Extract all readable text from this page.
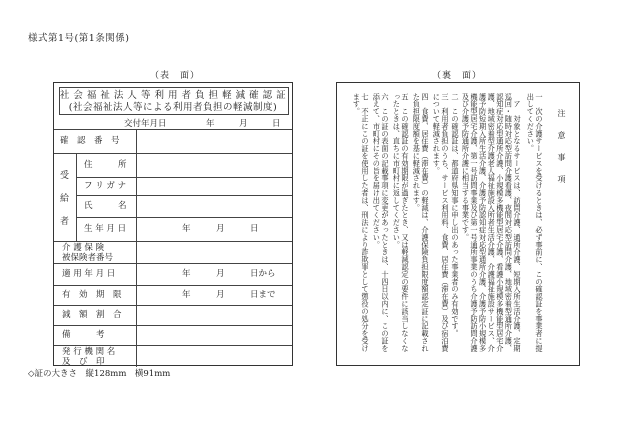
様式第1号(第1条関係)
（表　面）	（裏　面）
社 会 福 祉 法 人 等 利 用 者 負 担 軽 減 確 認 証
(社会福祉法人等による利用者負担の軽減制度)
交付年月日	年	月	日
確　認　番　号
受
給
者
住　　　所
フ リ ガ ナ
氏　　　名
生 年 月 日	年	月	日
介 護 保 険
被保険者番号
適 用 年 月 日	年	月	日から
有　効　期　限	年	月	日まで
減　額　割　合
備　　　考
発 行 機 関 名
及　び　印
◇証の大きさ　縦128mm　横91mm
注　意　事　項
一　次の介護サービスを受けるときは、必ず事前に、この確認証を事業者に提出してください。
　ア　対象となるサービスは、訪問介護、通所介護、短期入所生活介護、定期巡回・随時対応型訪問介護看護、夜間対応型訪問介護、地域密着型通所介護、認知症対応型通所介護、小規模多機能型居宅介護、看護小規模多機能型居宅介護、地域密着型介護老人福祉施設入所者生活介護、介護福祉施設サービス、介護予防短期入所生活介護、介護予防認知症対応型通所介護、介護予防小規模多機能型居宅介護、第一号訪問事業及び第一号通所事業のうち介護予防訪問介護及び介護予防通所介護に相当する事業です。
二　この確認証は、都道府県知事に申し出のあった事業者のみ有効です。
三　利用者負担のうち、サービス利用料、食費、居住費（滞在費）及び宿泊費について軽減されます。
四　食費、居住費（滞在費）の軽減は、介護保険負担限度額認定証に記載された負担限度額を基に軽減されます。
五　この確認証の有効期限が過ぎたとき、又は軽減認定の要件に該当しなくなったときは、直ちに市町村に返してください。
六　この証の表面の記載事項に変更があったときは、十四日以内に、この証を添えて、市町村にその旨を届け出てください。
七　不正にこの証を使用した者は、刑法により詐欺罪として懲役の処分を受けます。
